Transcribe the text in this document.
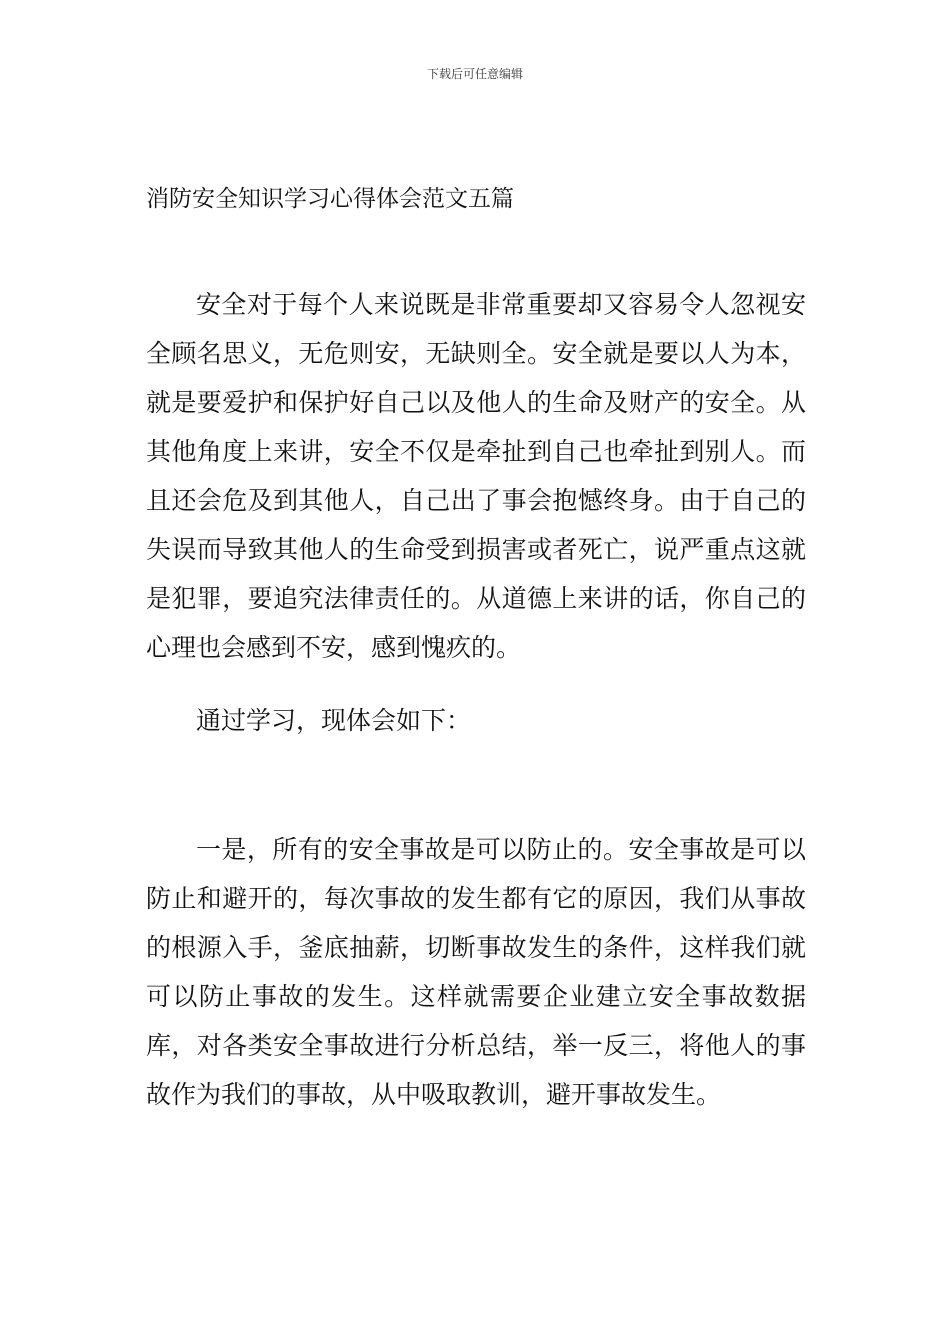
下载后可任意编辑
消防安全知识学习心得体会范文五篇

安全对于每个人来说既是非常重要却又容易令人忽视安全顾名思义，无危则安，无缺则全。安全就是要以人为本，就是要爱护和保护好自己以及他人的生命及财产的安全。从其他角度上来讲，安全不仅是牵扯到自己也牵扯到别人。而且还会危及到其他人，自己出了事会抱憾终身。由于自己的失误而导致其他人的生命受到损害或者死亡，说严重点这就是犯罪，要追究法律责任的。从道德上来讲的话，你自己的心理也会感到不安，感到愧疚的。

通过学习，现体会如下：

一是，所有的安全事故是可以防止的。安全事故是可以防止和避开的，每次事故的发生都有它的原因，我们从事故的根源入手，釜底抽薪，切断事故发生的条件，这样我们就可以防止事故的发生。这样就需要企业建立安全事故数据库，对各类安全事故进行分析总结，举一反三，将他人的事故作为我们的事故，从中吸取教训，避开事故发生。
